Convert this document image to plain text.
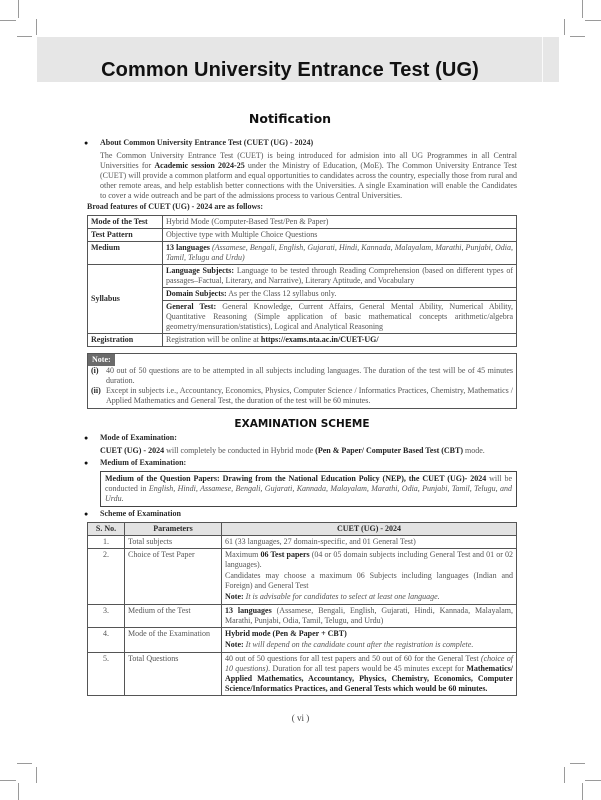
Common University Entrance Test (UG)
Notification
● About Common University Entrance Test (CUET (UG) - 2024)
The Common University Entrance Test (CUET) is being introduced for admision into all UG Programmes in all Central Universities for Academic session 2024-25 under the Ministry of Education, (MoE). The Common University Entrance Test (CUET) will provide a common platform and equal opportunities to candidates across the country, especially those from rural and other remote areas, and help establish better connections with the Universities. A single Examination will enable the Candidates to cover a wide outreach and be part of the admissions process to various Central Universities.
Broad features of CUET (UG) - 2024 are as follows:
Mode of the Test	Hybrid Mode (Computer-Based Test/Pen & Paper)
Test Pattern	Objective type with Multiple Choice Questions
Medium	13 languages (Assamese, Bengali, English, Gujarati, Hindi, Kannada, Malayalam, Marathi, Punjabi, Odia, Tamil, Telugu and Urdu)
Syllabus	Language Subjects: Language to be tested through Reading Comprehension (based on different types of passages–Factual, Literary, and Narrative), Literary Aptitude, and Vocabulary
	Domain Subjects: As per the Class 12 syllabus only.
	General Test: General Knowledge, Current Affairs, General Mental Ability, Numerical Ability, Quantitative Reasoning (Simple application of basic mathematical concepts arithmetic/algebra geometry/mensuration/statistics), Logical and Analytical Reasoning
Registration	Registration will be online at https://exams.nta.ac.in/CUET-UG/
Note:
(i) 40 out of 50 questions are to be attempted in all subjects including languages. The duration of the test will be of 45 minutes duration.
(ii) Except in subjects i.e., Accountancy, Economics, Physics, Computer Science / Informatics Practices, Chemistry, Mathematics / Applied Mathematics and General Test, the duration of the test will be 60 minutes.
EXAMINATION SCHEME
● Mode of Examination:
CUET (UG) - 2024 will completely be conducted in Hybrid mode (Pen & Paper/ Computer Based Test (CBT) mode.
● Medium of Examination:
Medium of the Question Papers: Drawing from the National Education Policy (NEP), the CUET (UG)- 2024 will be conducted in English, Hindi, Assamese, Bengali, Gujarati, Kannada, Malayalam, Marathi, Odia, Punjabi, Tamil, Telugu, and Urdu.
● Scheme of Examination
S. No.	Parameters	CUET (UG) - 2024
1.	Total subjects	61 (33 languages, 27 domain-specific, and 01 General Test)
2.	Choice of Test Paper	Maximum 06 Test papers (04 or 05 domain subjects including General Test and 01 or 02 languages).

Candidates may choose a maximum 06 Subjects including languages (Indian and Foreign) and General Test

Note: It is advisable for candidates to select at least one language.

3.	Medium of the Test	13 languages (Assamese, Bengali, English, Gujarati, Hindi, Kannada, Malayalam, Marathi, Punjabi, Odia, Tamil, Telugu, and Urdu)
4.	Mode of the Examination	Hybrid mode (Pen & Paper + CBT)

Note: It will depend on the candidate count after the registration is complete.

5.	Total Questions	40 out of 50 questions for all test papers and 50 out of 60 for the General Test (choice of 10 questions). Duration for all test papers would be 45 minutes except for Mathematics/ Applied Mathematics, Accountancy, Physics, Chemistry, Economics, Computer Science/Informatics Practices, and General Tests which would be 60 minutes.
( vi )
